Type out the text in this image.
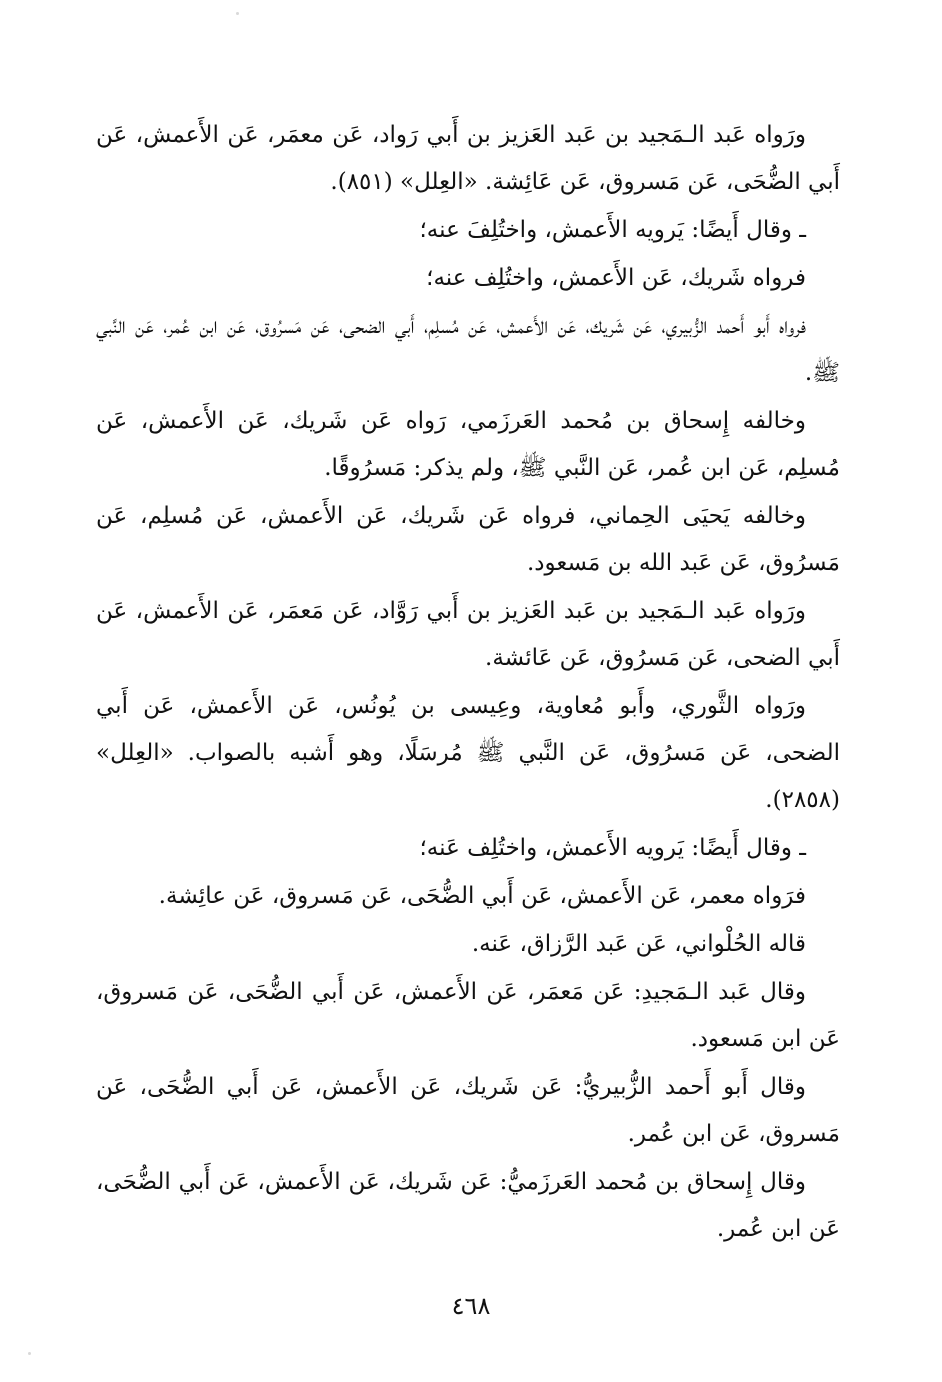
ورَواه عَبد الـمَجيد بن عَبد العَزيز بن أَبي رَواد، عَن معمَر، عَن الأَعمش، عَن أَبي الضُّحَى، عَن مَسروق، عَن عَائِشة. «العِلل» (٨٥١).

ـ وقال أَيضًا: يَرويه الأَعمش، واختُلِفَ عنه؛

فرواه شَريك، عَن الأَعمش، واختُلِف عنه؛

فرواه أَبو أَحمد الزُّبيري، عَن شَريك، عَن الأَعمش، عَن مُسلِم، أَبي الضحى، عَن مَسرُوق، عَن ابن عُمر، عَن النَّبي ﷺ.

وخالفه إِسحاق بن مُحمد العَرزَمي، رَواه عَن شَريك، عَن الأَعمش، عَن مُسلِم، عَن ابن عُمر، عَن النَّبي ﷺ، ولم يذكر: مَسرُوقًا.

وخالفه يَحيَى الحِماني، فرواه عَن شَريك، عَن الأَعمش، عَن مُسلِم، عَن مَسرُوق، عَن عَبد الله بن مَسعود.

ورَواه عَبد الـمَجيد بن عَبد العَزيز بن أَبي رَوَّاد، عَن مَعمَر، عَن الأَعمش، عَن أَبي الضحى، عَن مَسرُوق، عَن عَائشة.

ورَواه الثَّوري، وأَبو مُعاوية، وعِيسى بن يُونُس، عَن الأَعمش، عَن أَبي الضحى، عَن مَسرُوق، عَن النَّبي ﷺ مُرسَلًا، وهو أَشبه بالصواب. «العِلل» (٢٨٥٨).

ـ وقال أَيضًا: يَرويه الأَعمش، واختُلِف عَنه؛

فرَواه معمر، عَن الأَعمش، عَن أَبي الضُّحَى، عَن مَسروق، عَن عائِشة.

قاله الحُلْواني، عَن عَبد الرَّزاق، عَنه.

وقال عَبد الـمَجيدِ: عَن مَعمَر، عَن الأَعمش، عَن أَبي الضُّحَى، عَن مَسروق، عَن ابن مَسعود.

وقال أَبو أَحمد الزُّبيريُّ: عَن شَريك، عَن الأَعمش، عَن أَبي الضُّحَى، عَن مَسروق، عَن ابن عُمر.

وقال إِسحاق بن مُحمد العَرزَميُّ: عَن شَريك، عَن الأَعمش، عَن أَبي الضُّحَى، عَن ابن عُمر.

٤٦٨
